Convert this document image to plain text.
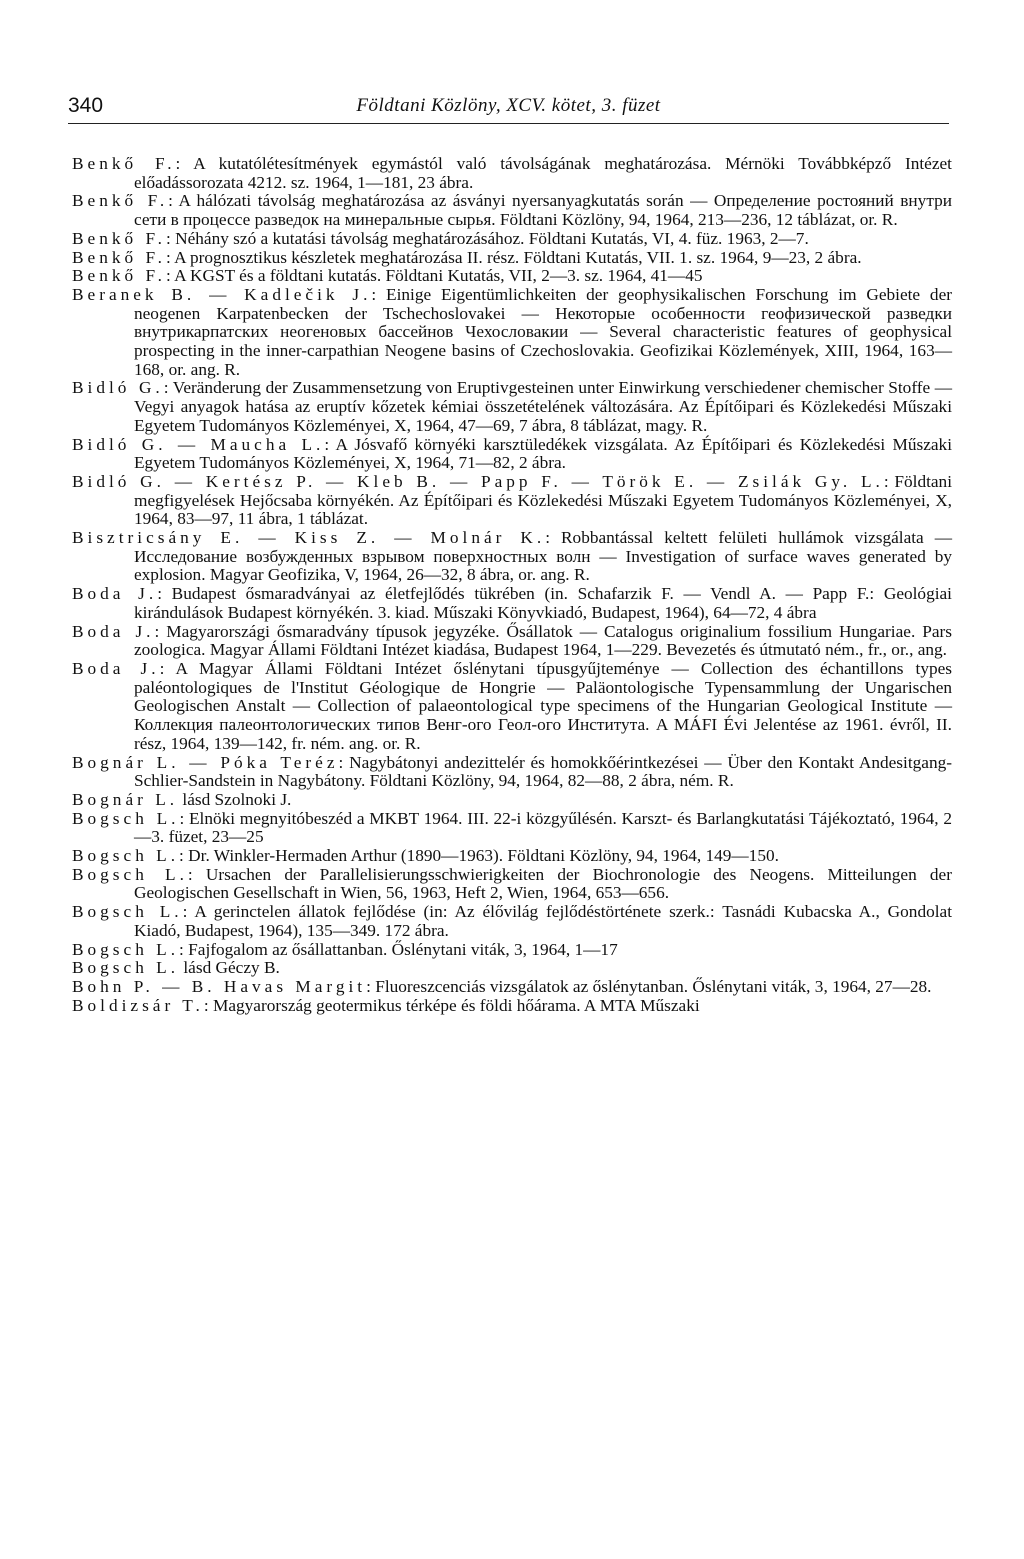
340	Földtani Közlöny, XCV. kötet, 3. füzet

Benkő F.: A kutatólétesítmények egymástól való távolságának meghatározása. Mérnöki Továbbképző Intézet előadássorozata 4212. sz. 1964, 1—181, 23 ábra.

Benkő F.: A hálózati távolság meghatározása az ásványi nyersanyagkutatás során — Определение ростояний внутри сети в процессе разведок на минеральные сырья. Földtani Közlöny, 94, 1964, 213—236, 12 táblázat, or. R.

Benkő F.: Néhány szó a kutatási távolság meghatározásához. Földtani Kutatás, VI, 4. füz. 1963, 2—7.

Benkő F.: A prognosztikus készletek meghatározása II. rész. Földtani Kutatás, VII. 1. sz. 1964, 9—23, 2 ábra.

Benkő F.: A KGST és a földtani kutatás. Földtani Kutatás, VII, 2—3. sz. 1964, 41—45

Beranek B. — Kadlečik J.: Einige Eigentümlichkeiten der geophysikalischen Forschung im Gebiete der neogenen Karpatenbecken der Tschechoslovakei — Некоторые особенности геофизической разведки внутрикарпатских неогеновых бассейнов Чехословакии — Several characteristic features of geophysical prospecting in the inner-carpathian Neogene basins of Czechoslovakia. Geofizikai Közlemények, XIII, 1964, 163—168, or. ang. R.

Bidló G.: Veränderung der Zusammensetzung von Eruptivgesteinen unter Einwirkung verschiedener chemischer Stoffe — Vegyi anyagok hatása az eruptív kőzetek kémiai összetételének változására. Az Építőipari és Közlekedési Műszaki Egyetem Tudományos Közleményei, X, 1964, 47—69, 7 ábra, 8 táblázat, magy. R.

Bidló G. — Maucha L.: A Jósvafő környéki karsztüledékek vizsgálata. Az Építőipari és Közlekedési Műszaki Egyetem Tudományos Közleményei, X, 1964, 71—82, 2 ábra.

Bidló G. — Kertész P. — Kleb B. — Papp F. — Török E. — Zsilák Gy. L.: Földtani megfigyelések Hejőcsaba környékén. Az Építőipari és Közlekedési Műszaki Egyetem Tudományos Közleményei, X, 1964, 83—97, 11 ábra, 1 táblázat.

Bisztricsány E. — Kiss Z. — Molnár K.: Robbantással keltett felületi hullámok vizsgálata — Исследование возбужденных взрывом поверхностных волн — Investigation of surface waves generated by explosion. Magyar Geofizika, V, 1964, 26—32, 8 ábra, or. ang. R.

Boda J.: Budapest ősmaradványai az életfejlődés tükrében (in. Schafarzik F. — Vendl A. — Papp F.: Geológiai kirándulások Budapest környékén. 3. kiad. Műszaki Könyvkiadó, Budapest, 1964), 64—72, 4 ábra

Boda J.: Magyarországi ősmaradvány típusok jegyzéke. Ősállatok — Catalogus originalium fossilium Hungariae. Pars zoologica. Magyar Állami Földtani Intézet kiadása, Budapest 1964, 1—229. Bevezetés és útmutató ném., fr., or., ang.

Boda J.: A Magyar Állami Földtani Intézet őslénytani típusgyűjteménye — Collection des échantillons types paléontologiques de l'Institut Géologique de Hongrie — Paläontologische Typensammlung der Ungarischen Geologischen Anstalt — Collection of palaeontological type specimens of the Hungarian Geological Institute — Коллекция палеонтологических типов Венг-ого Геол-ого Института. A MÁFI Évi Jelentése az 1961. évről, II. rész, 1964, 139—142, fr. ném. ang. or. R.

Bognár L. — Póka Teréz: Nagybátonyi andezittelér és homokkőérintkezései — Über den Kontakt Andesitgang-Schlier-Sandstein in Nagybátony. Földtani Közlöny, 94, 1964, 82—88, 2 ábra, ném. R.

Bognár L. lásd Szolnoki J.

Bogsch L.: Elnöki megnyitóbeszéd a MKBT 1964. III. 22-i közgyűlésén. Karszt- és Barlangkutatási Tájékoztató, 1964, 2—3. füzet, 23—25

Bogsch L.: Dr. Winkler-Hermaden Arthur (1890—1963). Földtani Közlöny, 94, 1964, 149—150.

Bogsch L.: Ursachen der Parallelisierungsschwierigkeiten der Biochronologie des Neogens. Mitteilungen der Geologischen Gesellschaft in Wien, 56, 1963, Heft 2, Wien, 1964, 653—656.

Bogsch L.: A gerinctelen állatok fejlődése (in: Az élővilág fejlődéstörténete szerk.: Tasnádi Kubacska A., Gondolat Kiadó, Budapest, 1964), 135—349. 172 ábra.

Bogsch L.: Fajfogalom az ősállattanban. Őslénytani viták, 3, 1964, 1—17

Bogsch L. lásd Géczy B.

Bohn P. — B. Havas Margit: Fluoreszcenciás vizsgálatok az őslénytanban. Őslénytani viták, 3, 1964, 27—28.

Boldizsár T.: Magyarország geotermikus térképe és földi hőárama. A MTA Műszaki
